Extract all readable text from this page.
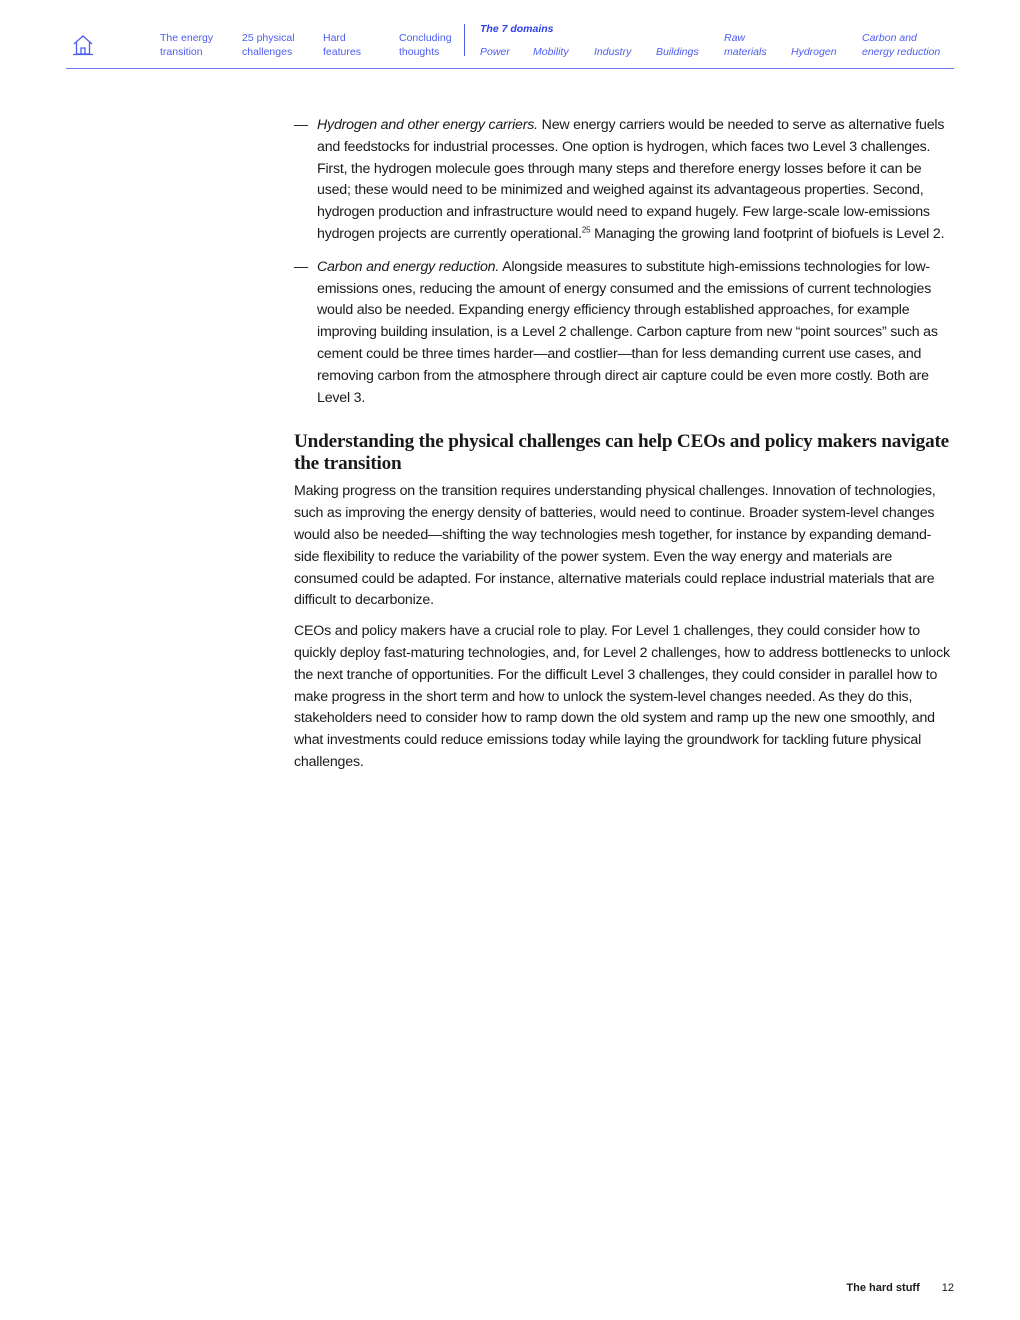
The energy
transition
25 physical
challenges
Hard
features
Concluding
thoughts
The 7 domains
Power Mobility Industry Buildings
Raw
materials Hydrogen
Carbon and
energy reduction
— Hydrogen and other energy carriers. New energy carriers would be needed to serve as alternative fuels and feedstocks for industrial processes. One option is hydrogen, which faces two Level 3 challenges. First, the hydrogen molecule goes through many steps and therefore energy losses before it can be used; these would need to be minimized and weighed against its advantageous properties. Second, hydrogen production and infrastructure would need to expand hugely. Few large-scale low-emissions hydrogen projects are currently operational.$^{25}$ Managing the growing land footprint of biofuels is Level 2.
— Carbon and energy reduction. Alongside measures to substitute high-emissions technologies for low-emissions ones, reducing the amount of energy consumed and the emissions of current technologies would also be needed. Expanding energy efficiency through established approaches, for example improving building insulation, is a Level 2 challenge. Carbon capture from new “point sources” such as cement could be three times harder—and costlier—than for less demanding current use cases, and removing carbon from the atmosphere through direct air capture could be even more costly. Both are Level 3.
Understanding the physical challenges can help CEOs and policy makers navigate the transition

Making progress on the transition requires understanding physical challenges. Innovation of technologies, such as improving the energy density of batteries, would need to continue. Broader system-level changes would also be needed—shifting the way technologies mesh together, for instance by expanding demand-side flexibility to reduce the variability of the power system. Even the way energy and materials are consumed could be adapted. For instance, alternative materials could replace industrial materials that are difficult to decarbonize.

CEOs and policy makers have a crucial role to play. For Level 1 challenges, they could consider how to quickly deploy fast-maturing technologies, and, for Level 2 challenges, how to address bottlenecks to unlock the next tranche of opportunities. For the difficult Level 3 challenges, they could consider in parallel how to make progress in the short term and how to unlock the system-level changes needed. As they do this, stakeholders need to consider how to ramp down the old system and ramp up the new one smoothly, and what investments could reduce emissions today while laying the groundwork for tackling future physical challenges.

The hard stuff 12
